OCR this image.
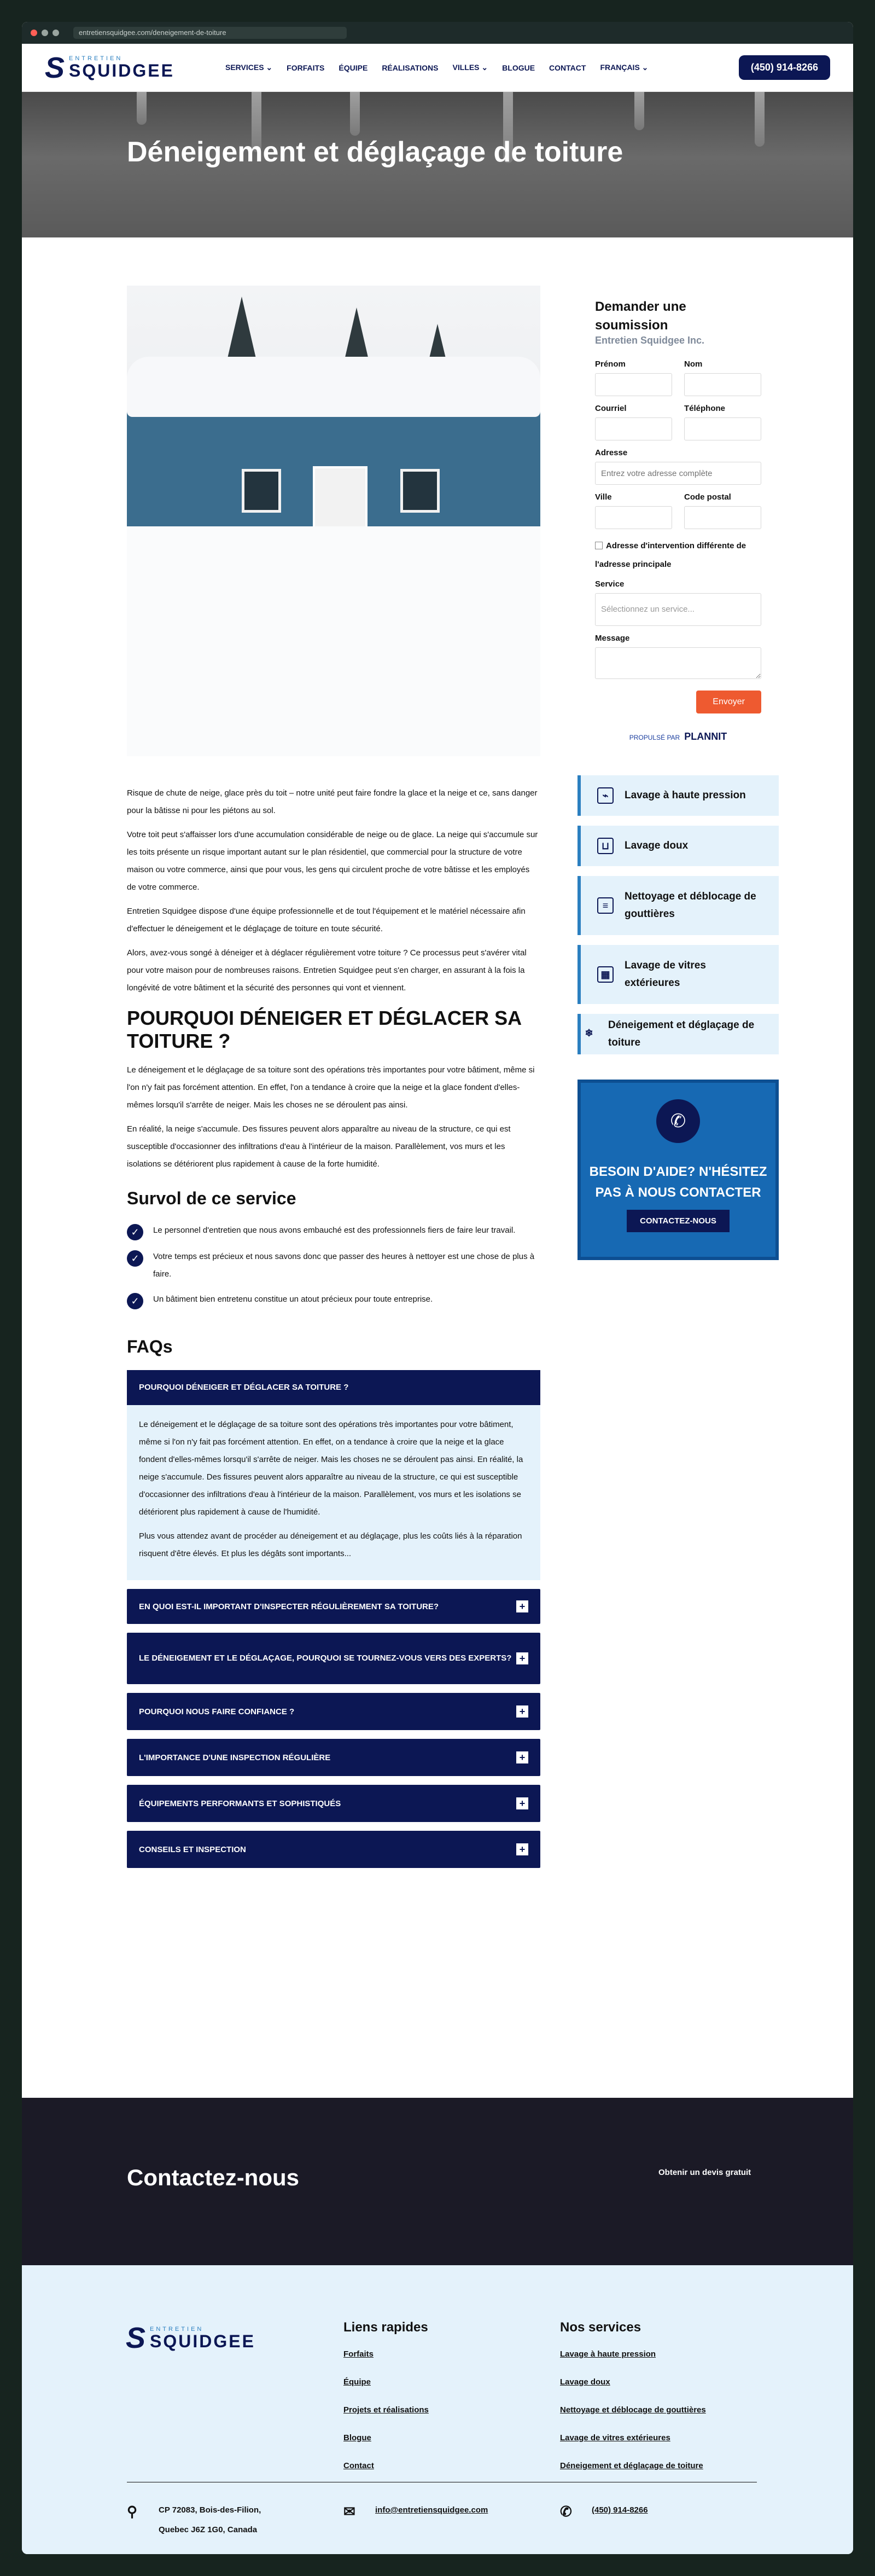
entretiensquidgee.com/deneigement-de-toiture
S ENTRETIEN
SQUIDGEE	SERVICES ⌄ FORFAITS ÉQUIPE RÉALISATIONS VILLES ⌄ BLOGUE CONTACT FRANÇAIS ⌄	(450) 914-8266
Déneigement et déglaçage de toiture

Risque de chute de neige, glace près du toit – notre unité peut faire fondre la glace et la neige et ce, sans danger pour la bâtisse ni pour les piétons au sol.

Votre toit peut s'affaisser lors d'une accumulation considérable de neige ou de glace. La neige qui s'accumule sur les toits présente un risque important autant sur le plan résidentiel, que commercial pour la structure de votre maison ou votre commerce, ainsi que pour vous, les gens qui circulent proche de votre bâtisse et les employés de votre commerce.

Entretien Squidgee dispose d'une équipe professionnelle et de tout l'équipement et le matériel nécessaire afin d'effectuer le déneigement et le déglaçage de toiture en toute sécurité.

Alors, avez-vous songé à déneiger et à déglacer régulièrement votre toiture ? Ce processus peut s'avérer vital pour votre maison pour de nombreuses raisons. Entretien Squidgee peut s'en charger, en assurant à la fois la longévité de votre bâtiment et la sécurité des personnes qui vont et viennent.

POURQUOI DÉNEIGER ET DÉGLACER SA TOITURE ?

Le déneigement et le déglaçage de sa toiture sont des opérations très importantes pour votre bâtiment, même si l'on n'y fait pas forcément attention. En effet, l'on a tendance à croire que la neige et la glace fondent d'elles-mêmes lorsqu'il s'arrête de neiger. Mais les choses ne se déroulent pas ainsi.

En réalité, la neige s'accumule. Des fissures peuvent alors apparaître au niveau de la structure, ce qui est susceptible d'occasionner des infiltrations d'eau à l'intérieur de la maison. Parallèlement, vos murs et les isolations se détériorent plus rapidement à cause de la forte humidité.

Survol de ce service
✓	Le personnel d'entretien que nous avons embauché est des professionnels fiers de faire leur travail.
✓	Votre temps est précieux et nous savons donc que passer des heures à nettoyer est une chose de plus à faire.
✓	Un bâtiment bien entretenu constitue un atout précieux pour toute entreprise.
FAQs
POURQUOI DÉNEIGER ET DÉGLACER SA TOITURE ?

Le déneigement et le déglaçage de sa toiture sont des opérations très importantes pour votre bâtiment, même si l'on n'y fait pas forcément attention. En effet, on a tendance à croire que la neige et la glace fondent d'elles-mêmes lorsqu'il s'arrête de neiger. Mais les choses ne se déroulent pas ainsi. En réalité, la neige s'accumule. Des fissures peuvent alors apparaître au niveau de la structure, ce qui est susceptible d'occasionner des infiltrations d'eau à l'intérieur de la maison. Parallèlement, vos murs et les isolations se détériorent plus rapidement à cause de l'humidité.

Plus vous attendez avant de procéder au déneigement et au déglaçage, plus les coûts liés à la réparation risquent d'être élevés. Et plus les dégâts sont importants...

EN QUOI EST-IL IMPORTANT D'INSPECTER RÉGULIÈREMENT SA TOITURE?	+
LE DÉNEIGEMENT ET LE DÉGLAÇAGE, POURQUOI SE TOURNEZ-VOUS VERS DES EXPERTS? +
POURQUOI NOUS FAIRE CONFIANCE ?	+
L'IMPORTANCE D'UNE INSPECTION RÉGULIÈRE	+
ÉQUIPEMENTS PERFORMANTS ET SOPHISTIQUÉS	+
CONSEILS ET INSPECTION	+
Demander une soumission
Entretien Squidgee Inc.
Prénom	Nom
Courriel	Téléphone
Adresse
Entrez votre adresse complète
Ville	Code postal
Adresse d'intervention différente de l'adresse principale
Service
Sélectionnez un service...
Message
Envoyer
PROPULSÉ PAR PLANNIT
⌁	Lavage à haute pression
⊔	Lavage doux
≡
Nettoyage et déblocage de gouttières
▦
Lavage de vitres extérieures
❄
Déneigement et déglaçage de toiture
✆
BESOIN D'AIDE? N'HÉSITEZ PAS À NOUS CONTACTER
CONTACTEZ-NOUS
Contactez-nous	Obtenir un devis gratuit
S ENTRETIEN
SQUIDGEE
Liens rapides
Forfaits
Équipe
Projets et réalisations
Blogue
Contact
Nos services
Lavage à haute pression
Lavage doux
Nettoyage et déblocage de gouttières
Lavage de vitres extérieures
Déneigement et déglaçage de toiture
⚲	CP 72083, Bois-des-Filion,
Quebec J6Z 1G0, Canada
✉ info@entretiensquidgee.com	✆ (450) 914-8266
